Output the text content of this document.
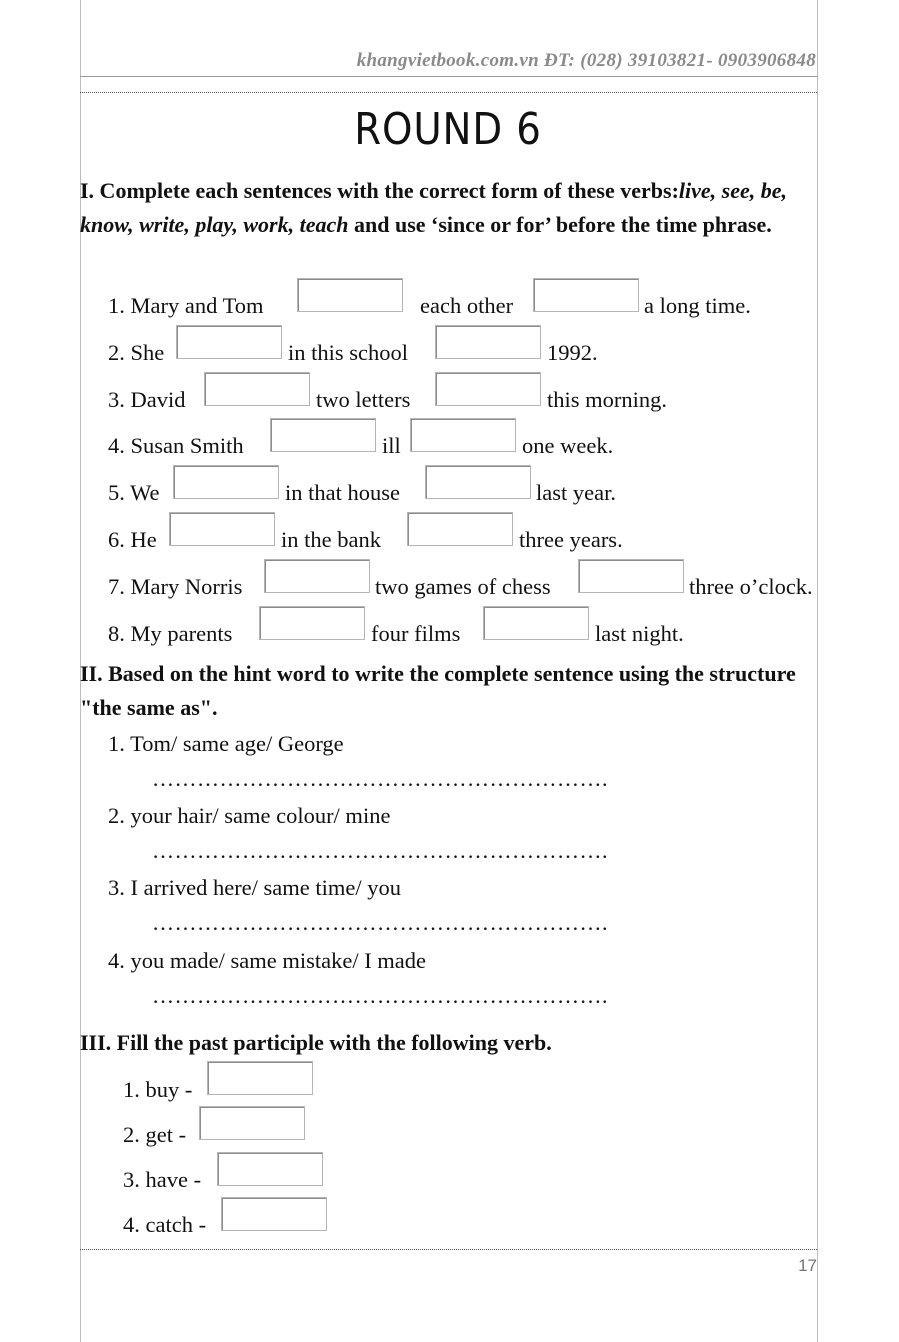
khangvietbook.com.vn ĐT: (028) 39103821- 0903906848
ROUND 6
I. Complete each sentences with the correct form of these verbs:live, see, be, know, write, play, work, teach and use ‘since or for’ before the time phrase.
1. Mary and Tom	each other	a long time.
2. She	in this school	1992.
3. David	two letters	this morning.
4. Susan Smith	ill	one week.
5. We	in that house	last year.
6. He	in the bank	three years.
7. Mary Norris	two games of chess	three o’clock.
8. My parents	four films	last night.
II. Based on the hint word to write the complete sentence using the structure "the same as".
1. Tom/ same age/ George
…………………………………………………….
2. your hair/ same colour/ mine
…………………………………………………….
3. I arrived here/ same time/ you
…………………………………………………….
4. you made/ same mistake/ I made
…………………………………………………….
III. Fill the past participle with the following verb.
1. buy -
2. get -
3. have -
4. catch -
17
